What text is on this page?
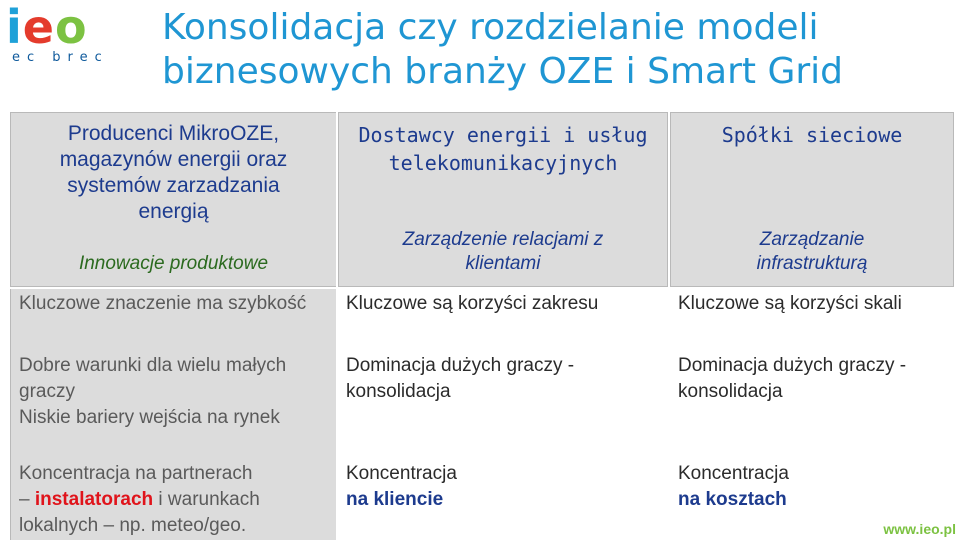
ieo
ec brec
Konsolidacja czy rozdzielanie modeli
biznesowych branży OZE i Smart Grid
Producenci MikroOZE,
magazynów energii oraz
systemów zarzadzania
energią
Innowacje produktowe
Kluczowe znaczenie ma szybkość
Dobre warunki dla wielu małych graczy
Niskie bariery wejścia na rynek
Koncentracja na partnerach
– instalatorach i warunkach lokalnych – np. meteo/geo.
Dostawcy energii i usług
telekomunikacyjnych
Zarządzenie relacjami z
klientami
Kluczowe są korzyści zakresu
Dominacja dużych graczy - konsolidacja
Koncentracja
na kliencie
Spółki sieciowe
Zarządzanie
infrastrukturą
Kluczowe są korzyści skali
Dominacja dużych graczy - konsolidacja
Koncentracja
na kosztach
www.ieo.pl
